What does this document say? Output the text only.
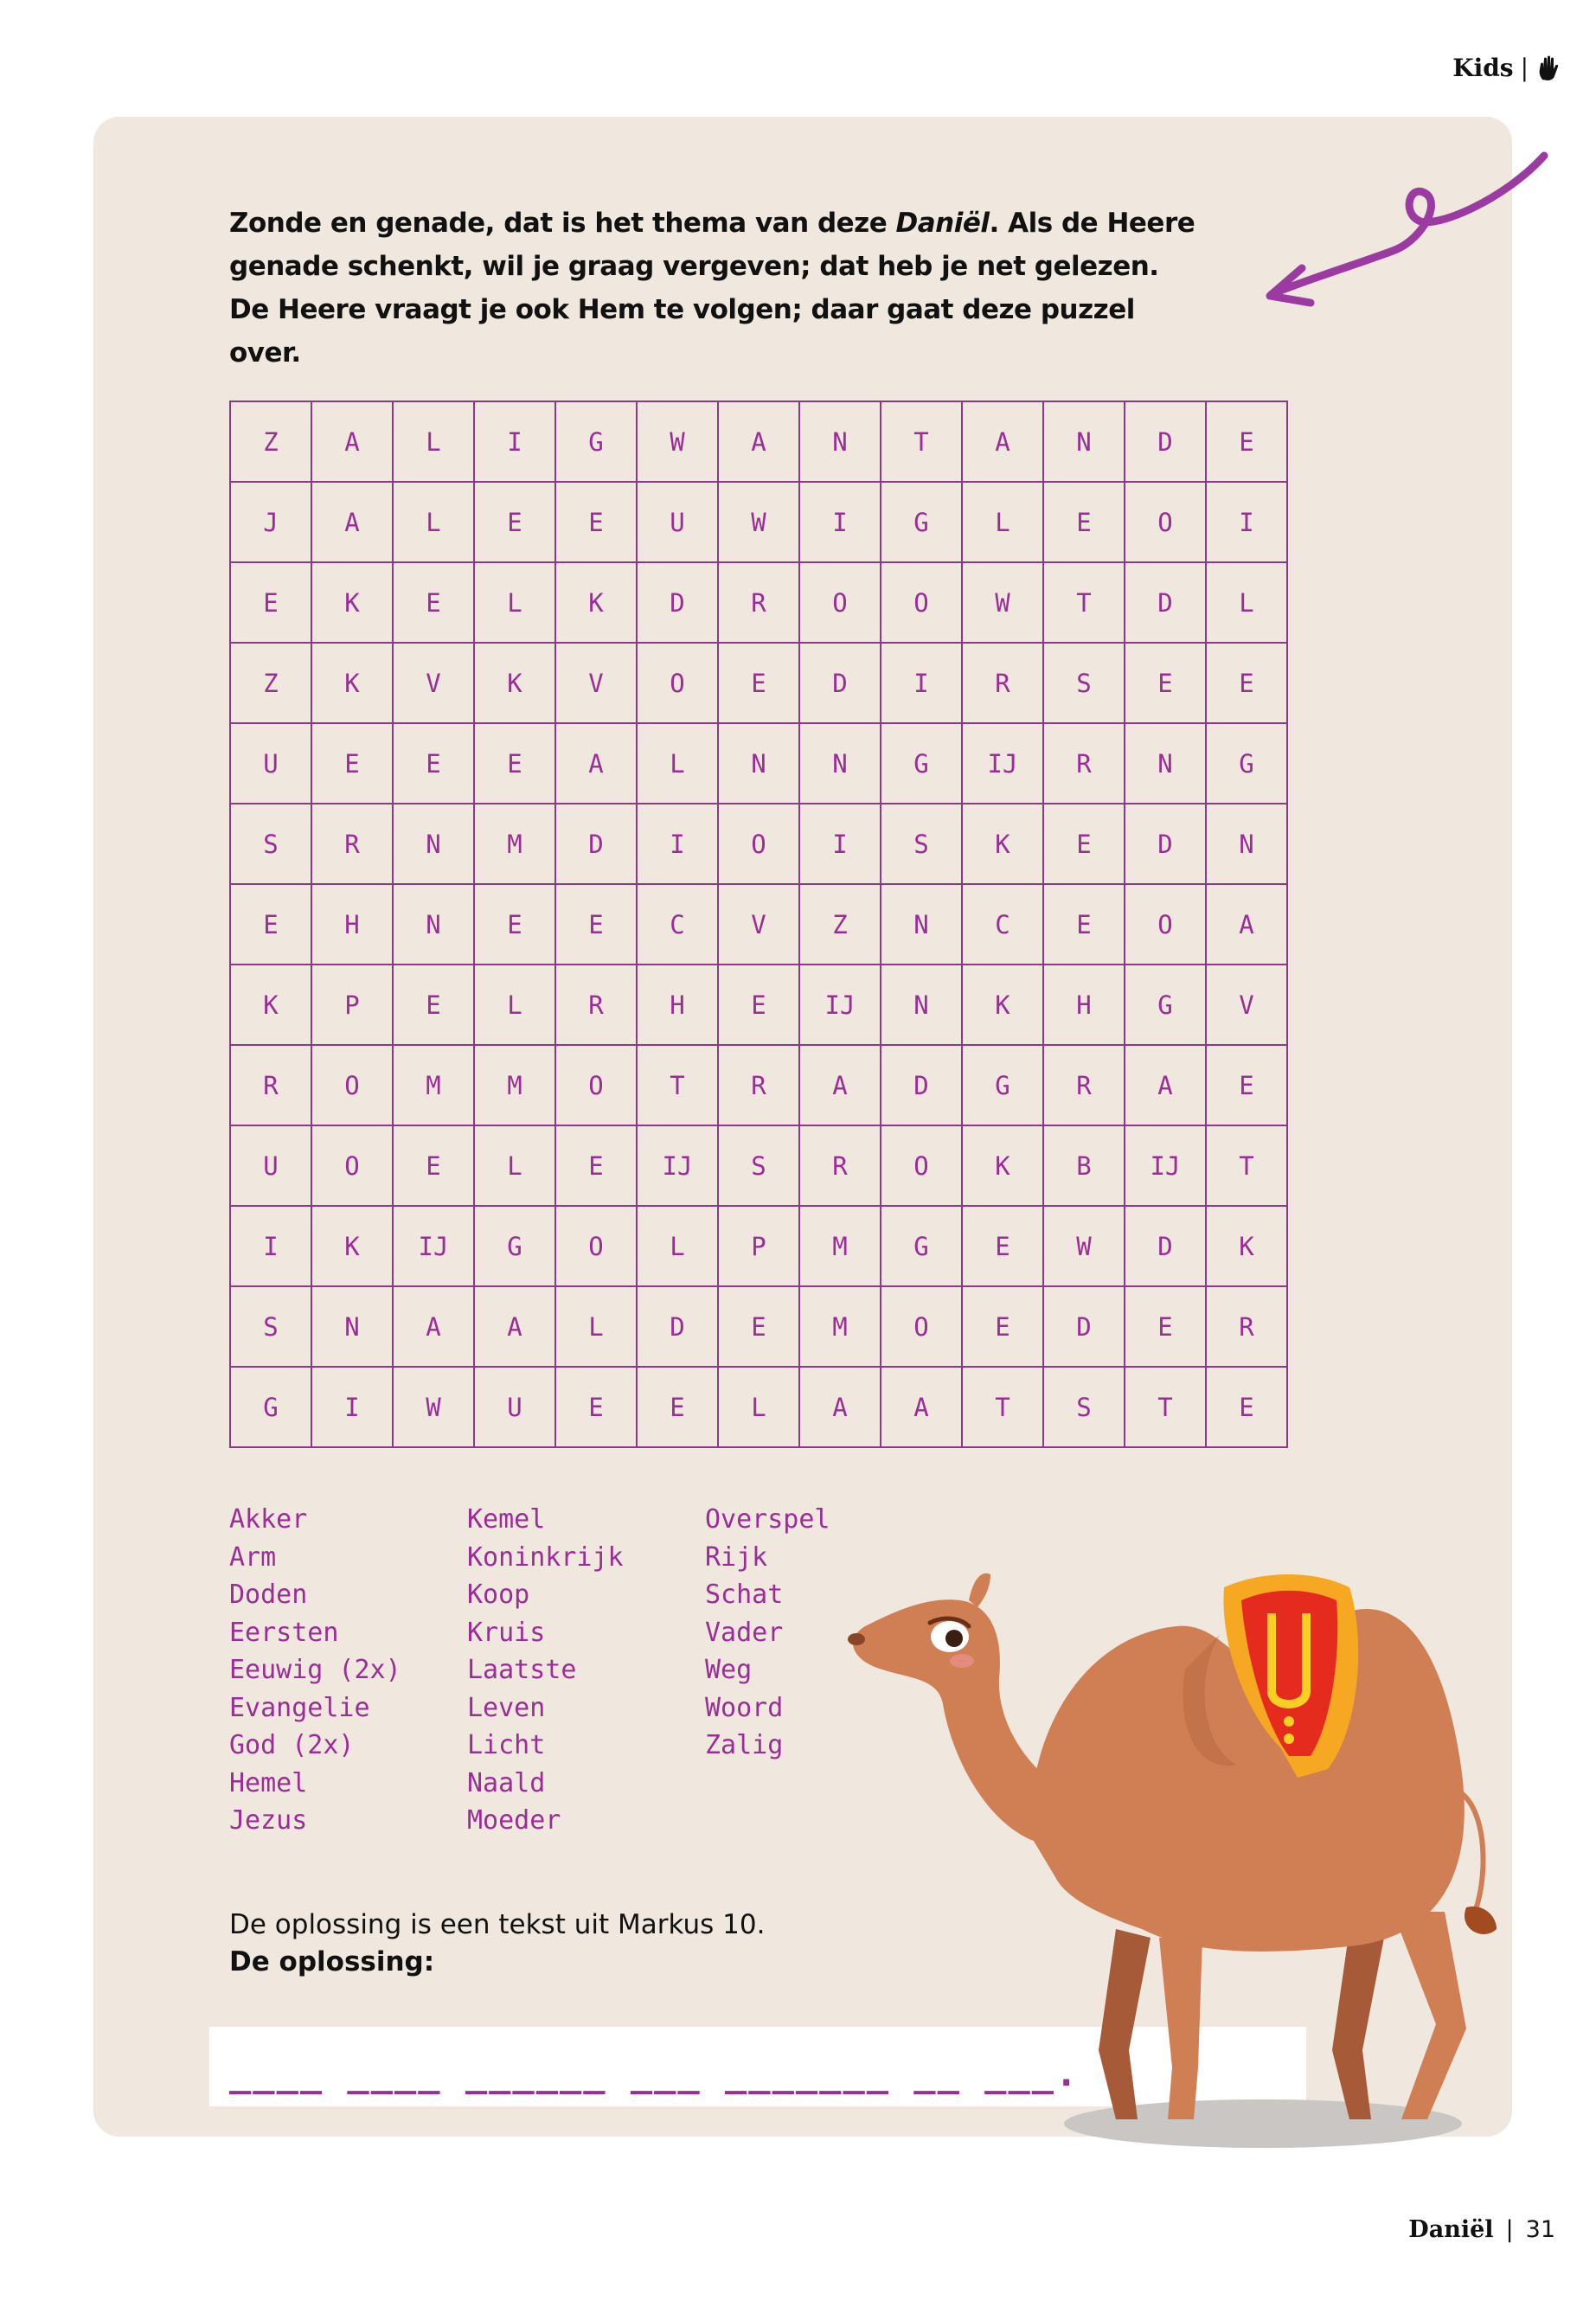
Kids |
Zonde en genade, dat is het thema van deze Daniël. Als de Heere genade schenkt, wil je graag vergeven; dat heb je net gelezen. De Heere vraagt je ook Hem te volgen; daar gaat deze puzzel over.
Z	A	L	I	G	W	A	N	T	A	N	D	E
J	A	L	E	E	U	W	I	G	L	E	O	I
E	K	E	L	K	D	R	O	O	W	T	D	L
Z	K	V	K	V	O	E	D	I	R	S	E	E
U	E	E	E	A	L	N	N	G	IJ	R	N	G
S	R	N	M	D	I	O	I	S	K	E	D	N
E	H	N	E	E	C	V	Z	N	C	E	O	A
K	P	E	L	R	H	E	IJ	N	K	H	G	V
R	O	M	M	O	T	R	A	D	G	R	A	E
U	O	E	L	E	IJ	S	R	O	K	B	IJ	T
I	K	IJ	G	O	L	P	M	G	E	W	D	K
S	N	A	A	L	D	E	M	O	E	D	E	R
G	I	W	U	E	E	L	A	A	T	S	T	E
Akker
Arm
Doden
Eersten
Eeuwig (2x)
Evangelie
God (2x)
Hemel
Jezus
Kemel
Koninkrijk
Koop
Kruis
Laatste
Leven
Licht
Naald
Moeder
Overspel
Rijk
Schat
Vader
Weg
Woord
Zalig
De oplossing is een tekst uit Markus 10.
De oplossing:
____ ____ ______ ___ _______ __ ___.
Daniël | 31
